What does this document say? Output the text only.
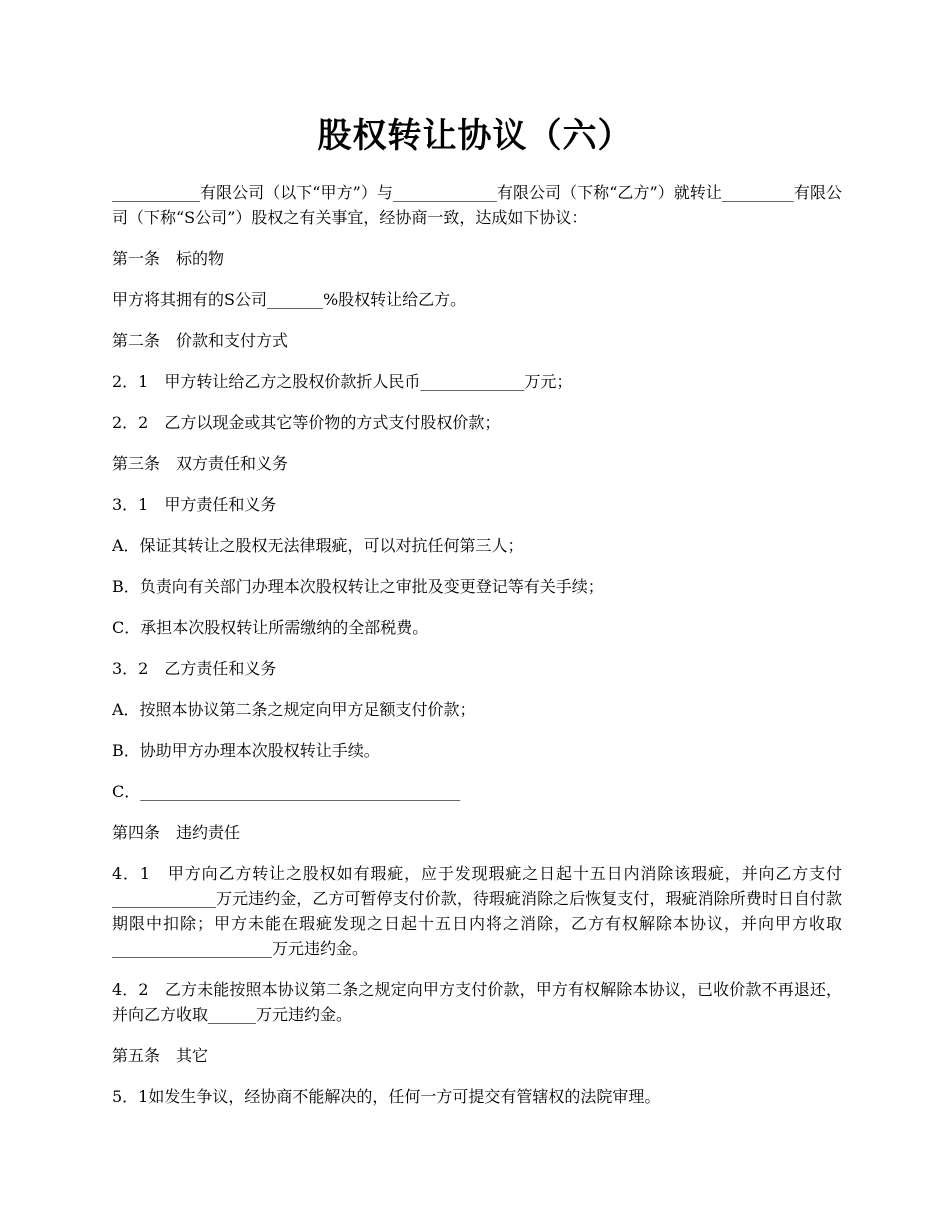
股权转让协议（六）

___________有限公司（以下“甲方”）与_____________有限公司（下称“乙方”）就转让_________有限公司（下称“S公司”）股权之有关事宜，经协商一致，达成如下协议：

第一条　标的物

甲方将其拥有的S公司_______%股权转让给乙方。

第二条　价款和支付方式

2．1　甲方转让给乙方之股权价款折人民币_____________万元；

2．2　乙方以现金或其它等价物的方式支付股权价款；

第三条　双方责任和义务

3．1　甲方责任和义务

A．保证其转让之股权无法律瑕疵，可以对抗任何第三人；

B．负责向有关部门办理本次股权转让之审批及变更登记等有关手续；

C．承担本次股权转让所需缴纳的全部税费。

3．2　乙方责任和义务

A．按照本协议第二条之规定向甲方足额支付价款；

B．协助甲方办理本次股权转让手续。

C．________________________________________

第四条　违约责任

4．1　甲方向乙方转让之股权如有瑕疵，应于发现瑕疵之日起十五日内消除该瑕疵，并向乙方支付_____________万元违约金，乙方可暂停支付价款，待瑕疵消除之后恢复支付，瑕疵消除所费时日自付款期限中扣除；甲方未能在瑕疵发现之日起十五日内将之消除，乙方有权解除本协议，并向甲方收取____________________万元违约金。

4．2　乙方未能按照本协议第二条之规定向甲方支付价款，甲方有权解除本协议，已收价款不再退还，并向乙方收取______万元违约金。

第五条　其它

5．1如发生争议，经协商不能解决的，任何一方可提交有管辖权的法院审理。
